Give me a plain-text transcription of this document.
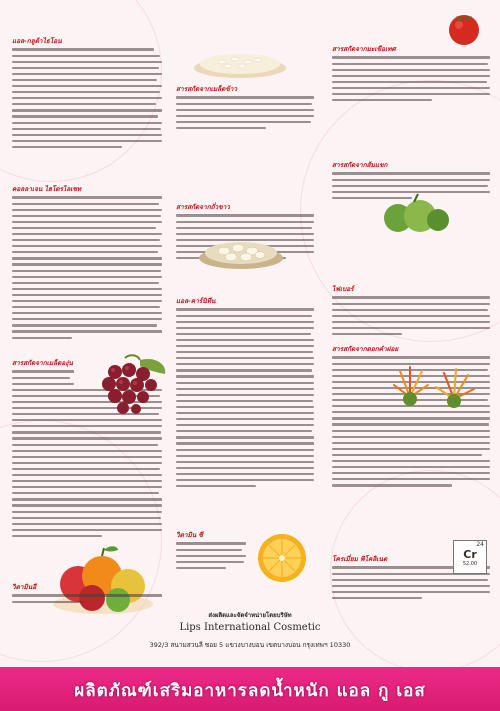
แอล-กลูต้าไธโอน
คอลลาเจน ไฮโดรไลเซท
สารสกัดจากเมล็ดองุ่น
วิตามินอี
สารสกัดจากเมล็ดข้าว
สารสกัดจากถั่วขาว
แอล-คาร์นิทีน
วิตามิน ซี
สารสกัดจากมะเขือเทศ
สารสกัดจากส้มแขก
ไฟเบอร์
สารสกัดจากดอกคำฝอย
โครเมี่ยม พิโคลิเนต
24
Cr
52.00
ส่งผลิตและจัดจำหน่ายโดยบริษัท
Lips International Cosmetic
392/3 สนามสวนลี ซอย 5 แขวงบางบอน เขตบางบอน กรุงเทพฯ 10330
ผลิตภัณฑ์เสริมอาหารลดน้ำหนัก แอล กู เอส
